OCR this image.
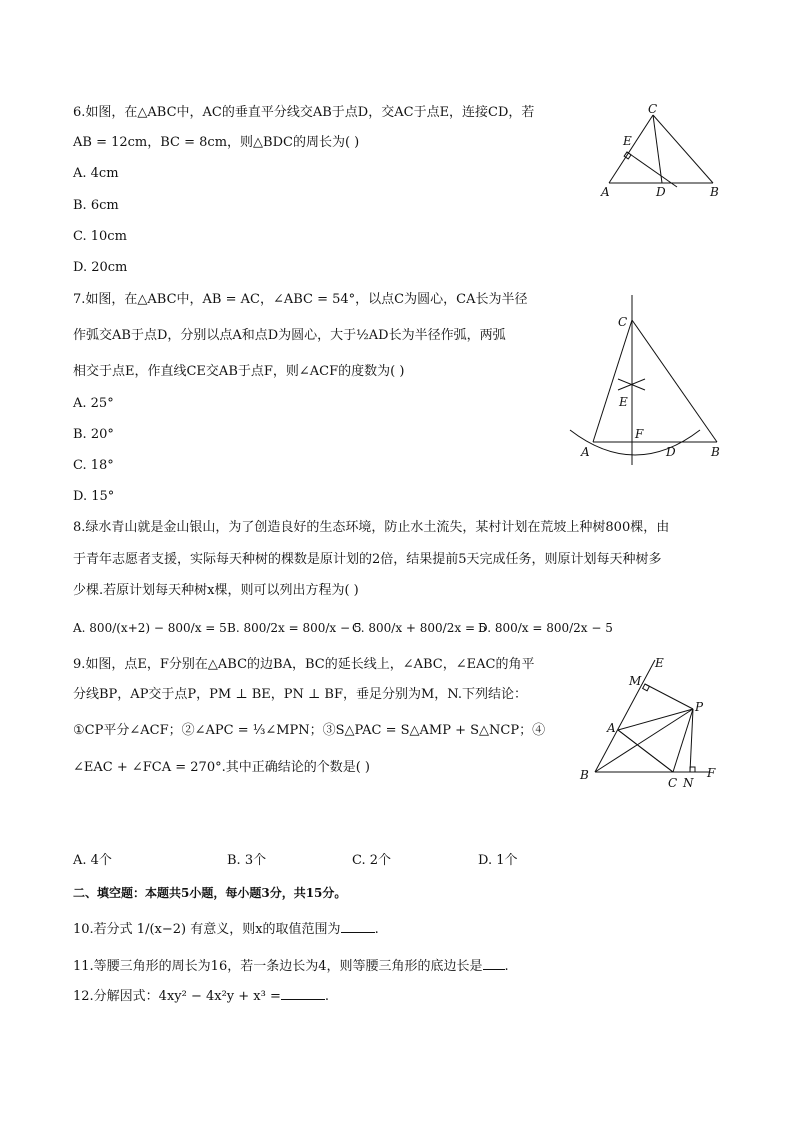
6.如图，在△ABC中，AC的垂直平分线交AB于点D，交AC于点E，连接CD，若
AB = 12cm，BC = 8cm，则△BDC的周长为( )
A. 4cm
B. 6cm
C. 10cm
D. 20cm
C
E
A	D	B
7.如图，在△ABC中，AB = AC，∠ABC = 54°，以点C为圆心，CA长为半径
作弧交AB于点D，分别以点A和点D为圆心，大于½AD长为半径作弧，两弧
相交于点E，作直线CE交AB于点F，则∠ACF的度数为( )
A. 25°
B. 20°
C. 18°
D. 15°
C
E
F
A	D	B
8.绿水青山就是金山银山，为了创造良好的生态环境，防止水土流失，某村计划在荒坡上种树800棵，由
于青年志愿者支援，实际每天种树的棵数是原计划的2倍，结果提前5天完成任务，则原计划每天种树多
少棵.若原计划每天种树x棵，则可以列出方程为( )
A. 800/(x+2) − 800/x = 5 B. 800/2x = 800/x − 5
C. 800/x + 800/2x = 5
D. 800/x = 800/2x − 5
9.如图，点E，F分别在△ABC的边BA，BC的延长线上，∠ABC，∠EAC的角平
分线BP，AP交于点P，PM ⊥ BE，PN ⊥ BF，垂足分别为M，N.下列结论：
①CP平分∠ACF；②∠APC = ⅓∠MPN；③S△PAC = S△AMP + S△NCP；④
∠EAC + ∠FCA = 270°.其中正确结论的个数是( )
E
M
P
A
B
C N
F
A. 4个	B. 3个	C. 2个	D. 1个
二、填空题：本题共5小题，每小题3分，共15分。
10.若分式 1/(x−2) 有意义，则x的取值范围为	.
11.等腰三角形的周长为16，若一条边长为4，则等腰三角形的底边长是 .
12.分解因式：4xy² − 4x²y + x³ =	.
